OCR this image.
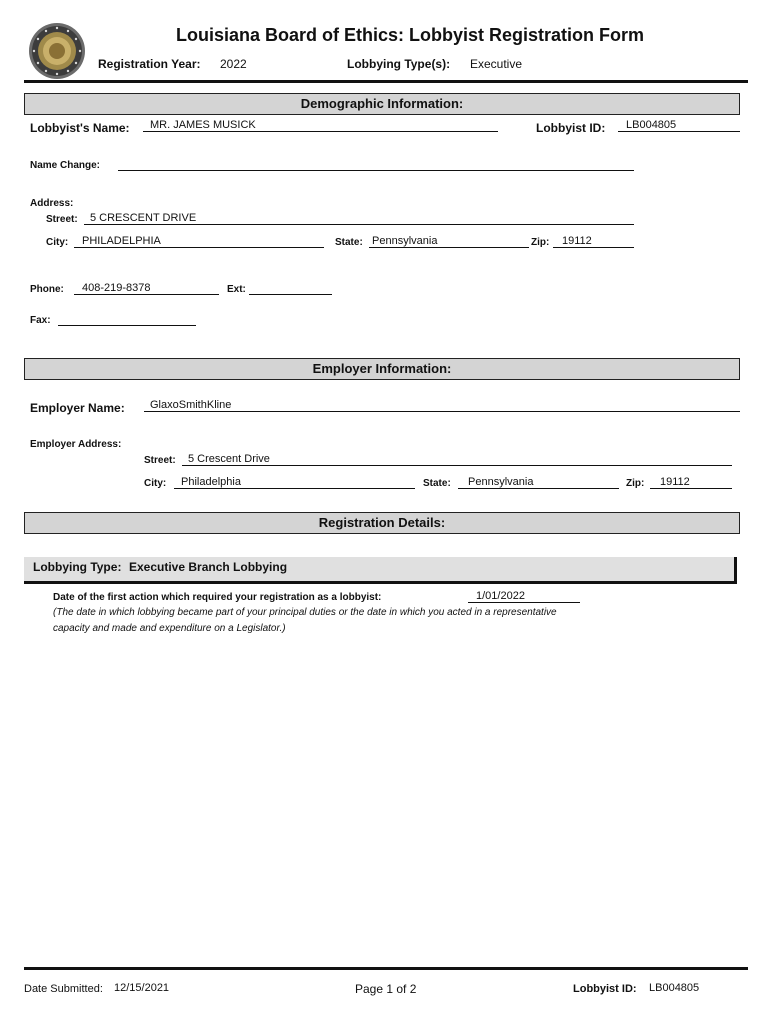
Louisiana Board of Ethics: Lobbyist Registration Form
Registration Year: 2022	Lobbying Type(s): Executive
Demographic Information:
Lobbyist's Name: MR. JAMES MUSICK	Lobbyist ID: LB004805
Name Change:
Address:
Street: 5 CRESCENT DRIVE
City: PHILADELPHIA	State: Pennsylvania	Zip: 19112
Phone: 408-219-8378	Ext:
Fax:
Employer Information:
Employer Name: GlaxoSmithKline
Employer Address:
Street: 5 Crescent Drive
City: Philadelphia	State: Pennsylvania	Zip: 19112
Registration Details:
Lobbying Type: Executive Branch Lobbying
Date of the first action which required your registration as a lobbyist:	1/01/2022
(The date in which lobbying became part of your principal duties or the date in which you acted in a representative
capacity and made and expenditure on a Legislator.)
Date Submitted: 12/15/2021	Page 1 of 2	Lobbyist ID: LB004805
